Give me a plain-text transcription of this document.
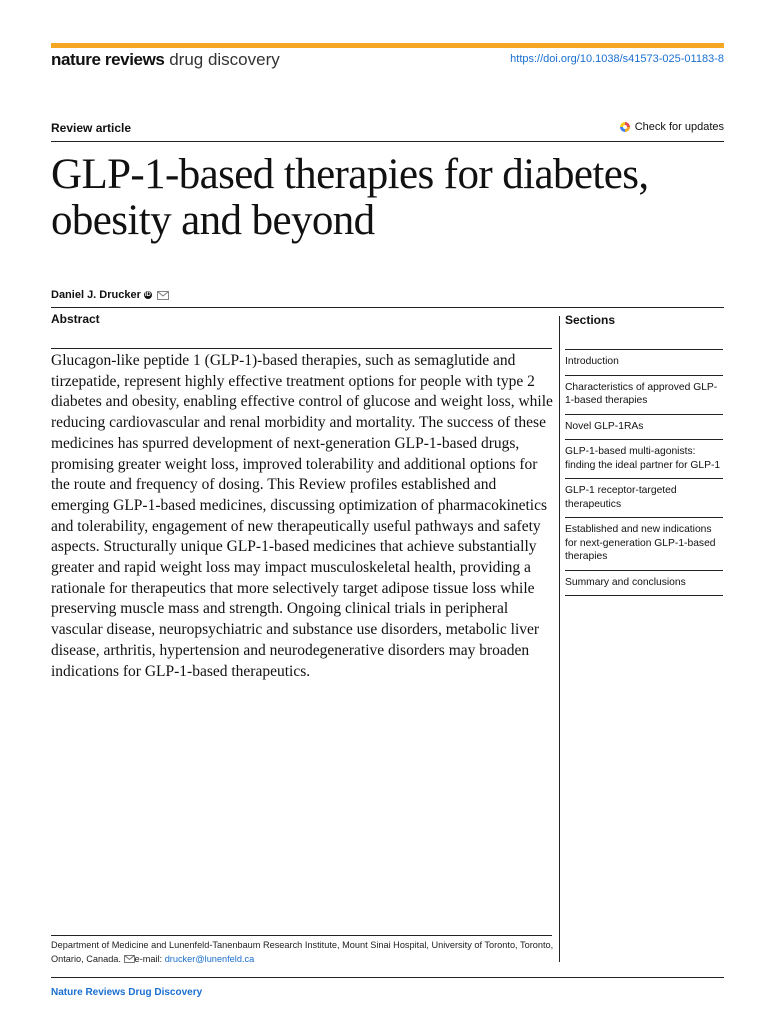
nature reviews drug discovery	https://doi.org/10.1038/s41573-025-01183-8
Review article	Check for updates
GLP-1-based therapies for diabetes, obesity and beyond
Daniel J. Drucker iD
Abstract

Glucagon-like peptide 1 (GLP-1)-based therapies, such as semaglutide and tirzepatide, represent highly effective treatment options for people with type 2 diabetes and obesity, enabling effective control of glucose and weight loss, while reducing cardiovascular and renal morbidity and mortality. The success of these medicines has spurred development of next-generation GLP-1-based drugs, promising greater weight loss, improved tolerability and additional options for the route and frequency of dosing. This Review profiles established and emerging GLP-1-based medicines, discussing optimization of pharmacokinetics and tolerability, engagement of new therapeutically useful pathways and safety aspects. Structurally unique GLP-1-based medicines that achieve substantially greater and rapid weight loss may impact musculoskeletal health, providing a rationale for therapeutics that more selectively target adipose tissue loss while preserving muscle mass and strength. Ongoing clinical trials in peripheral vascular disease, neuropsychiatric and substance use disorders, metabolic liver disease, arthritis, hypertension and neurodegenerative disorders may broaden indications for GLP-1-based therapeutics.

Sections
Introduction
Characteristics of approved GLP-1-based therapies
Novel GLP-1RAs
GLP-1-based multi-agonists: finding the ideal partner for GLP-1
GLP-1 receptor-targeted therapeutics
Established and new indications for next-generation GLP-1-based therapies
Summary and conclusions
Department of Medicine and Lunenfeld-Tanenbaum Research Institute, Mount Sinai Hospital, University of Toronto, Toronto, Ontario, Canada. e-mail: drucker@lunenfeld.ca
Nature Reviews Drug Discovery
